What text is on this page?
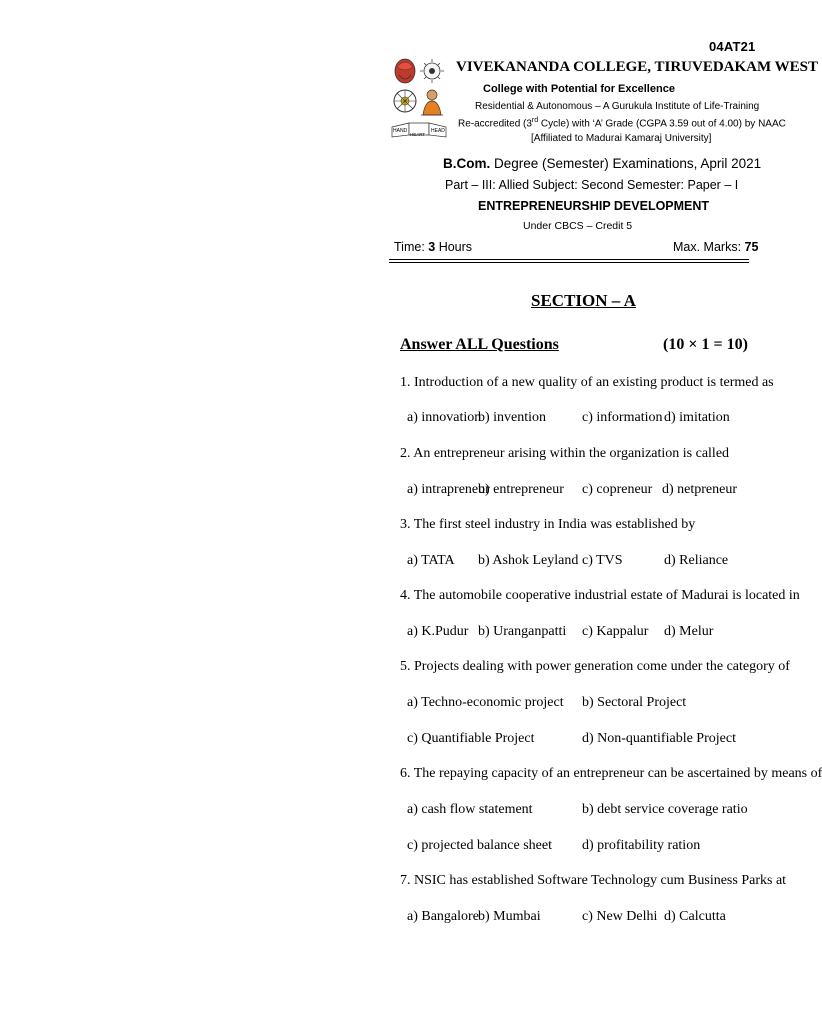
04AT21
HAND
HEART
HEAD
VIVEKANANDA COLLEGE, TIRUVEDAKAM WEST
College with Potential for Excellence
Residential & Autonomous – A Gurukula Institute of Life-Training
Re-accredited (3rd Cycle) with ‘A’ Grade (CGPA 3.59 out of 4.00) by NAAC
[Affiliated to Madurai Kamaraj University]
B.Com. Degree (Semester) Examinations, April 2021
Part – III: Allied Subject: Second Semester: Paper – I
ENTREPRENEURSHIP DEVELOPMENT
Under CBCS – Credit 5
Time: 3 Hours	Max. Marks: 75
SECTION – A
Answer ALL Questions	(10 × 1 = 10)
1. Introduction of a new quality of an existing product is termed as
a) innovation
b) invention	c) information d) imitation
2. An entrepreneur arising within the organization is called
a) intrapreneur
b) entrepreneur c) copreneur d) netpreneur
3. The first steel industry in India was established by
a) TATA b) Ashok Leyland c) TVS	d) Reliance
4. The automobile cooperative industrial estate of Madurai is located in
a) K.Pudur b) Uranganpatti c) Kappalur d) Melur
5. Projects dealing with power generation come under the category of
a) Techno-economic project b) Sectoral Project
c) Quantifiable Project	d) Non-quantifiable Project
6. The repaying capacity of an entrepreneur can be ascertained by means of
a) cash flow statement	b) debt service coverage ratio
c) projected balance sheet d) profitability ration
7. NSIC has established Software Technology cum Business Parks at
a) Bangalore b) Mumbai	c) New Delhi d) Calcutta
